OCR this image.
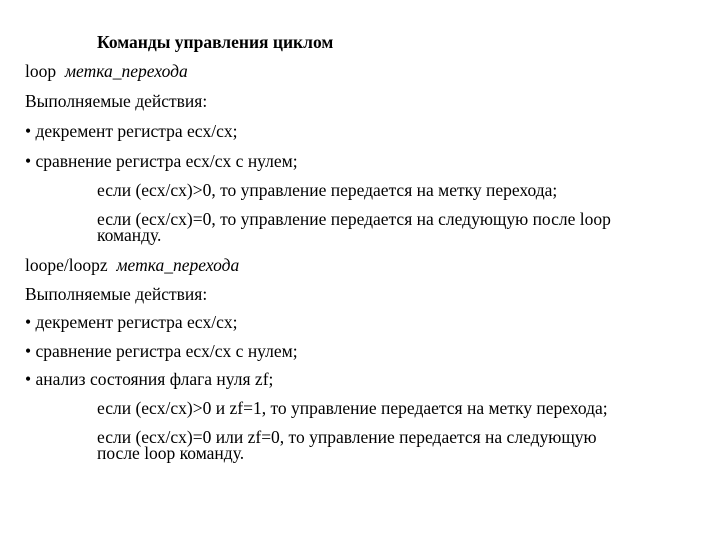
Команды управления циклом
loop метка_перехода
Выполняемые действия:
• декремент регистра ecx/cx;
• сравнение регистра ecx/cx с нулем;
если (ecx/cx)>0, то управление передается на метку перехода;
если (ecx/cx)=0, то управление передается на следующую после loop
команду.
loope/loopz метка_перехода
Выполняемые действия:
• декремент регистра ecx/cx;
• сравнение регистра ecx/cx с нулем;
• анализ состояния флага нуля zf;
если (ecx/cx)>0 и zf=1, то управление передается на метку перехода;
если (ecx/cx)=0 или zf=0, то управление передается на следующую
после loop команду.
